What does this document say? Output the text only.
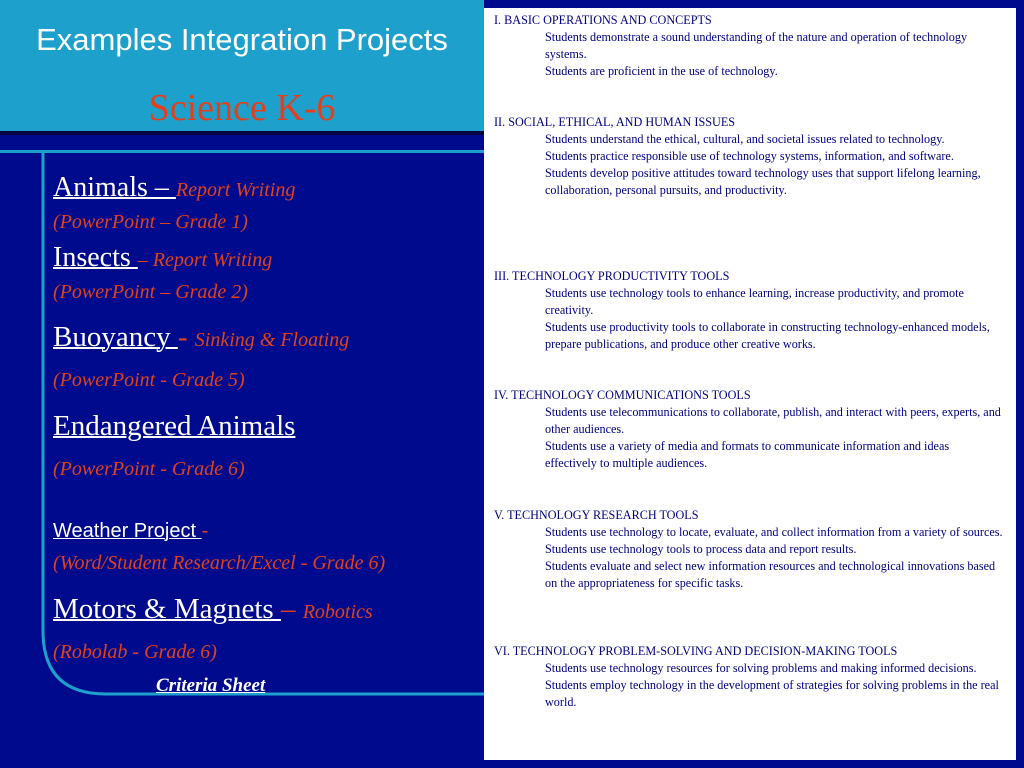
Examples Integration Projects
Science K-6
Animals – Report Writing
(PowerPoint – Grade 1)
Insects – Report Writing
(PowerPoint – Grade 2)
Buoyancy - Sinking & Floating
(PowerPoint - Grade 5)
Endangered Animals
(PowerPoint - Grade 6)
Weather Project -
(Word/Student Research/Excel - Grade 6)
Motors & Magnets – Robotics
(Robolab - Grade 6)
Criteria Sheet
I. BASIC OPERATIONS AND CONCEPTS
Students demonstrate a sound understanding of the nature and operation of technology systems.
Students are proficient in the use of technology.
II. SOCIAL, ETHICAL, AND HUMAN ISSUES
Students understand the ethical, cultural, and societal issues related to technology.
Students practice responsible use of technology systems, information, and software.
Students develop positive attitudes toward technology uses that support lifelong learning, collaboration, personal pursuits, and productivity.
III. TECHNOLOGY PRODUCTIVITY TOOLS
Students use technology tools to enhance learning, increase productivity, and promote creativity.
Students use productivity tools to collaborate in constructing technology-enhanced models, prepare publications, and produce other creative works.
IV. TECHNOLOGY COMMUNICATIONS TOOLS
Students use telecommunications to collaborate, publish, and interact with peers, experts, and other audiences.
Students use a variety of media and formats to communicate information and ideas effectively to multiple audiences.
V. TECHNOLOGY RESEARCH TOOLS
Students use technology to locate, evaluate, and collect information from a variety of sources.
Students use technology tools to process data and report results.
Students evaluate and select new information resources and technological innovations based on the appropriateness for specific tasks.
VI. TECHNOLOGY PROBLEM-SOLVING AND DECISION-MAKING TOOLS
Students use technology resources for solving problems and making informed decisions.
Students employ technology in the development of strategies for solving problems in the real world.
